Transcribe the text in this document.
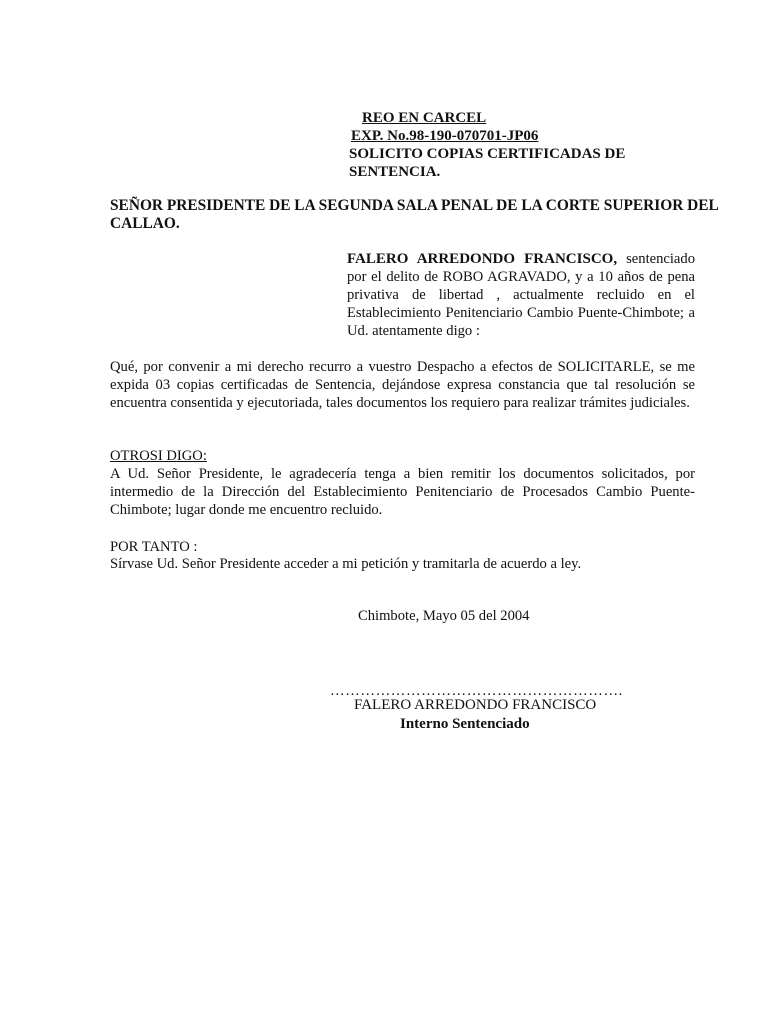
REO EN CARCEL
EXP. No.98-190-070701-JP06
SOLICITO COPIAS CERTIFICADAS DE
SENTENCIA.

SEÑOR PRESIDENTE DE LA SEGUNDA SALA PENAL DE LA CORTE SUPERIOR DEL CALLAO.

FALERO ARREDONDO FRANCISCO, sentenciado por el delito de ROBO AGRAVADO, y a 10 años de pena privativa de libertad , actualmente recluido en el Establecimiento Penitenciario Cambio Puente-Chimbote; a Ud. atentamente digo :

Qué, por convenir a mi derecho recurro a vuestro Despacho a efectos de SOLICITARLE, se me expida 03 copias certificadas de Sentencia, dejándose expresa constancia que tal resolución se encuentra consentida y ejecutoriada, tales documentos los requiero para realizar trámites judiciales.

OTROSI DIGO:

A Ud. Señor Presidente, le agradecería tenga a bien remitir los documentos solicitados, por intermedio de la Dirección del Establecimiento Penitenciario de Procesados Cambio Puente-Chimbote; lugar donde me encuentro recluido.

POR TANTO :

Sírvase Ud. Señor Presidente acceder a mi petición y tramitarla de acuerdo a ley.

Chimbote, Mayo 05 del 2004

………………………………………………….

FALERO ARREDONDO FRANCISCO

Interno Sentenciado
